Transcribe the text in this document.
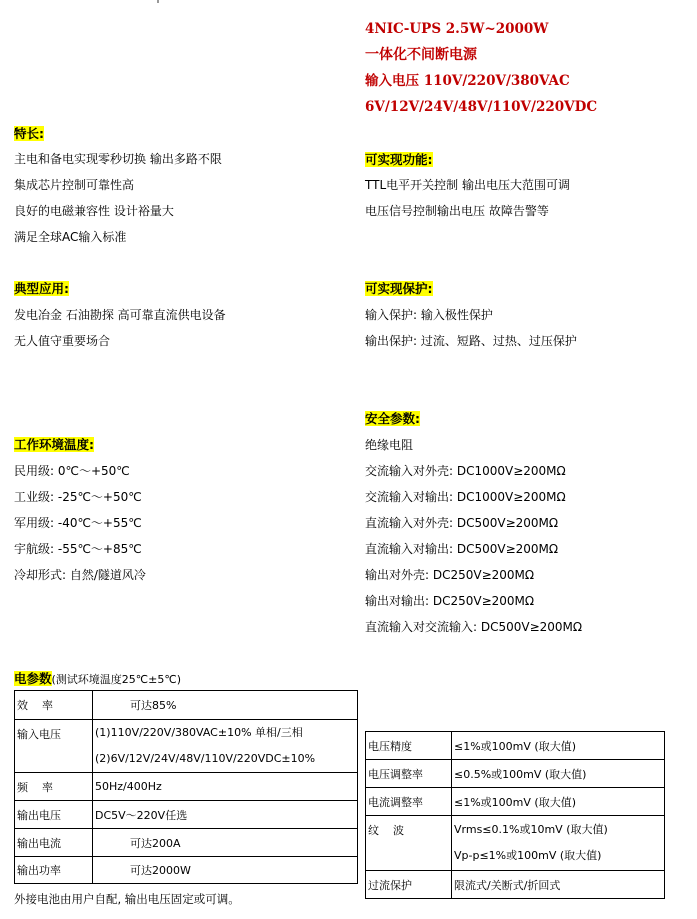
4NIC-UPS 2.5W~2000W
一体化不间断电源
输入电压 110V/220V/380VAC
6V/12V/24V/48V/110V/220VDC
特长:
主电和备电实现零秒切换 输出多路不限
集成芯片控制可靠性高
良好的电磁兼容性 设计裕量大
满足全球AC输入标准
可实现功能:
TTL电平开关控制 输出电压大范围可调
电压信号控制输出电压 故障告警等
典型应用:
发电冶金 石油勘探 高可靠直流供电设备
无人值守重要场合
可实现保护:
输入保护: 输入极性保护
输出保护: 过流、短路、过热、过压保护
安全参数:
绝缘电阻
交流输入对外壳: DC1000V≥200MΩ
交流输入对输出: DC1000V≥200MΩ
直流输入对外壳: DC500V≥200MΩ
直流输入对输出: DC500V≥200MΩ
输出对外壳: DC250V≥200MΩ
输出对输出: DC250V≥200MΩ
直流输入对交流输入: DC500V≥200MΩ
工作环境温度:
民用级: 0℃～+50℃
工业级: -25℃～+50℃
军用级: -40℃～+55℃
宇航级: -55℃～+85℃
冷却形式: 自然/隧道风冷
电参数(测试环境温度25℃±5℃)
效    率	可达85%
输入电压	(1)110V/220V/380VAC±10% 单相/三相
(2)6V/12V/24V/48V/110V/220VDC±10%

频    率	50Hz/400Hz
输出电压	DC5V～220V任选
输出电流	可达200A
输出功率	可达2000W
外接电池由用户自配, 输出电压固定或可调。
电压精度	≤1%或100mV (取大值)
电压调整率	≤0.5%或100mV (取大值)
电流调整率	≤1%或100mV (取大值)
纹    波	Vrms≤0.1%或10mV (取大值)
Vp-p≤1%或100mV (取大值)

过流保护	限流式/关断式/折回式
